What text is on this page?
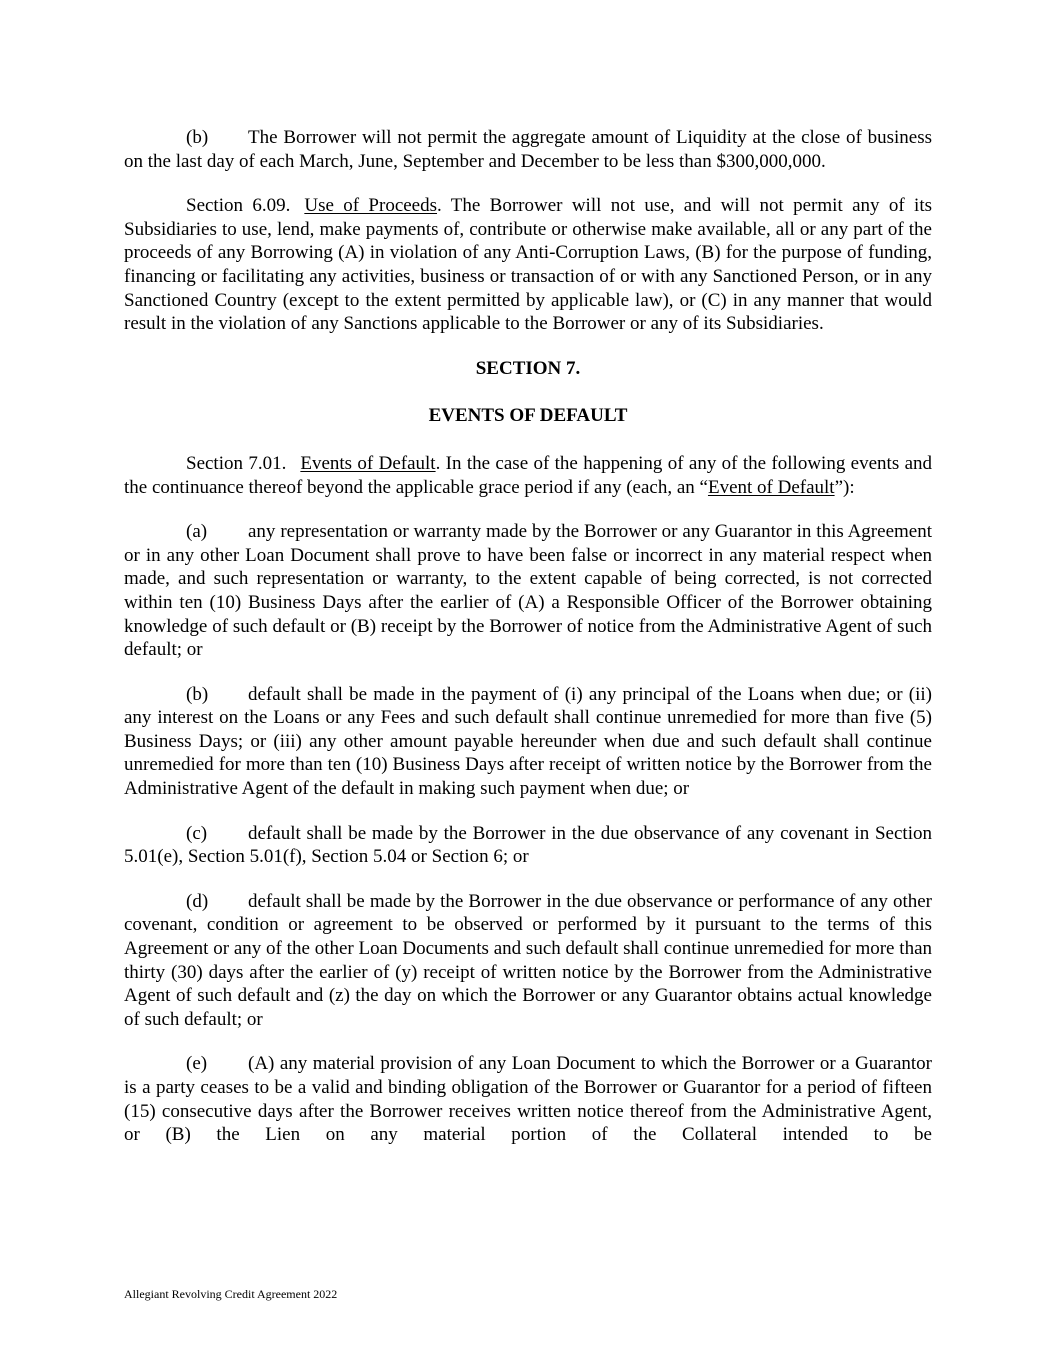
(b) The Borrower will not permit the aggregate amount of Liquidity at the close of business on the last day of each March, June, September and December to be less than $300,000,000.

Section 6.09. Use of Proceeds. The Borrower will not use, and will not permit any of its Subsidiaries to use, lend, make payments of, contribute or otherwise make available, all or any part of the proceeds of any Borrowing (A) in violation of any Anti-Corruption Laws, (B) for the purpose of funding, financing or facilitating any activities, business or transaction of or with any Sanctioned Person, or in any Sanctioned Country (except to the extent permitted by applicable law), or (C) in any manner that would result in the violation of any Sanctions applicable to the Borrower or any of its Subsidiaries.

SECTION 7.
EVENTS OF DEFAULT

Section 7.01. Events of Default. In the case of the happening of any of the following events and the continuance thereof beyond the applicable grace period if any (each, an “Event of Default”):

(a) any representation or warranty made by the Borrower or any Guarantor in this Agreement or in any other Loan Document shall prove to have been false or incorrect in any material respect when made, and such representation or warranty, to the extent capable of being corrected, is not corrected within ten (10) Business Days after the earlier of (A) a Responsible Officer of the Borrower obtaining knowledge of such default or (B) receipt by the Borrower of notice from the Administrative Agent of such default; or

(b) default shall be made in the payment of (i) any principal of the Loans when due; or (ii) any interest on the Loans or any Fees and such default shall continue unremedied for more than five (5) Business Days; or (iii) any other amount payable hereunder when due and such default shall continue unremedied for more than ten (10) Business Days after receipt of written notice by the Borrower from the Administrative Agent of the default in making such payment when due; or

(c) default shall be made by the Borrower in the due observance of any covenant in Section 5.01(e), Section 5.01(f), Section 5.04 or Section 6; or

(d) default shall be made by the Borrower in the due observance or performance of any other covenant, condition or agreement to be observed or performed by it pursuant to the terms of this Agreement or any of the other Loan Documents and such default shall continue unremedied for more than thirty (30) days after the earlier of (y) receipt of written notice by the Borrower from the Administrative Agent of such default and (z) the day on which the Borrower or any Guarantor obtains actual knowledge of such default; or

(e) (A) any material provision of any Loan Document to which the Borrower or a Guarantor is a party ceases to be a valid and binding obligation of the Borrower or Guarantor for a period of fifteen (15) consecutive days after the Borrower receives written notice thereof from the Administrative Agent, or (B) the Lien on any material portion of the Collateral intended to be

Allegiant Revolving Credit Agreement 2022
